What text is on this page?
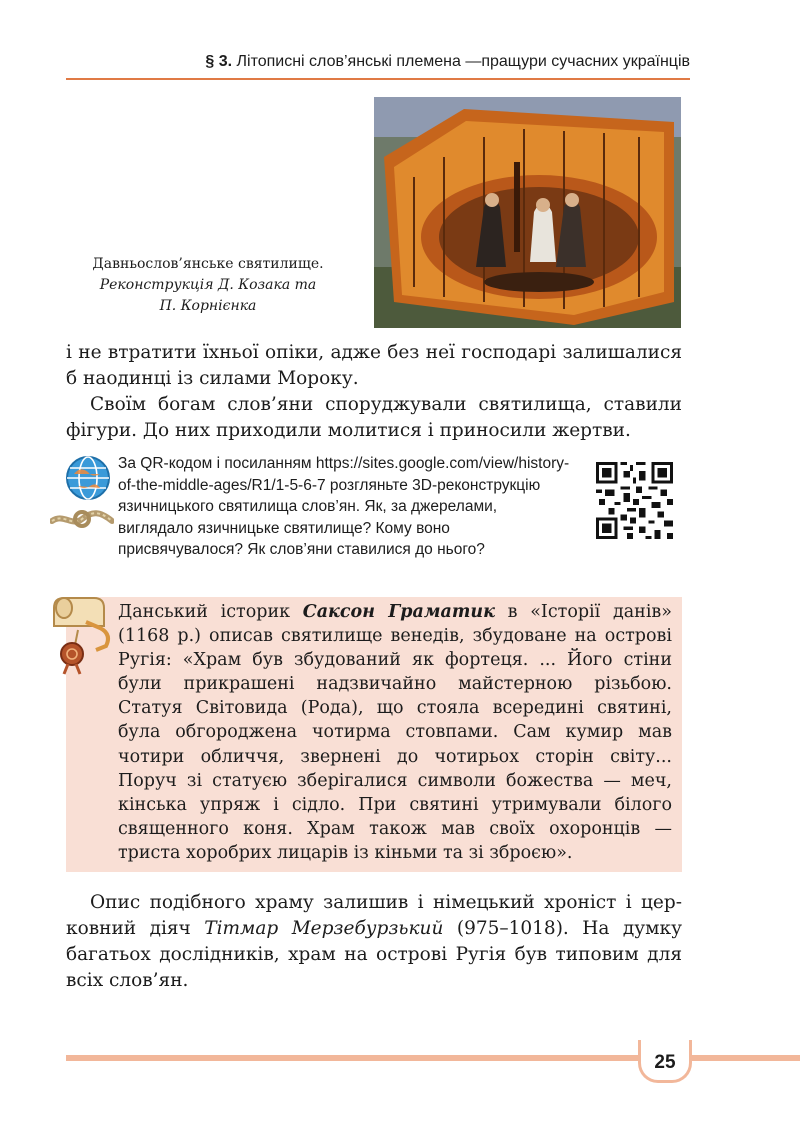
§ 3. Літописні слов’янські племена —пращури сучасних українців
Давньослов’янське святилище.
Реконструкція Д. Козака та
П. Корнієнка
і не втратити їхньої опіки, адже без неї господарі залишалися б наодинці із силами Мороку.
Своїм богам слов’яни споруджували святилища, ставили фігури. До них приходили молитися і приносили жертви.
За QR-кодом і посиланням https://sites.google.com/view/history-of-the-middle-ages/R1/1-5-6-7 розгляньте 3D-реконструкцію язичницького святилища слов’ян. Як, за джерелами, виглядало язичницьке святилище? Кому воно присвячувалося? Як слов’яни ставилися до нього?
Данський історик Саксон Граматик в «Історії данів» (1168 р.) описав святилище венедів, збудоване на острові Ругія: «Храм був збудований як фортеця. ... Його стіни були прикрашені надзвичайно майстерною різьбою. Статуя Світовида (Рода), що стояла всередині святині, була обгороджена чотирма стовпами. Сам кумир мав чотири обличчя, звернені до чотирьох сторін світу... Поруч зі статуєю зберігалися символи божества — меч, кінська упряж і сідло. При святині утримували білого священного коня. Храм також мав своїх охоронців — триста хоробрих лицарів із кіньми та зі зброєю».
Опис подібного храму залишив і німецький хроніст і церковний діяч Тітмар Мерзебурзький (975–1018). На думку багатьох дослідників, храм на острові Ругія був типовим для всіх слов’ян.
25
